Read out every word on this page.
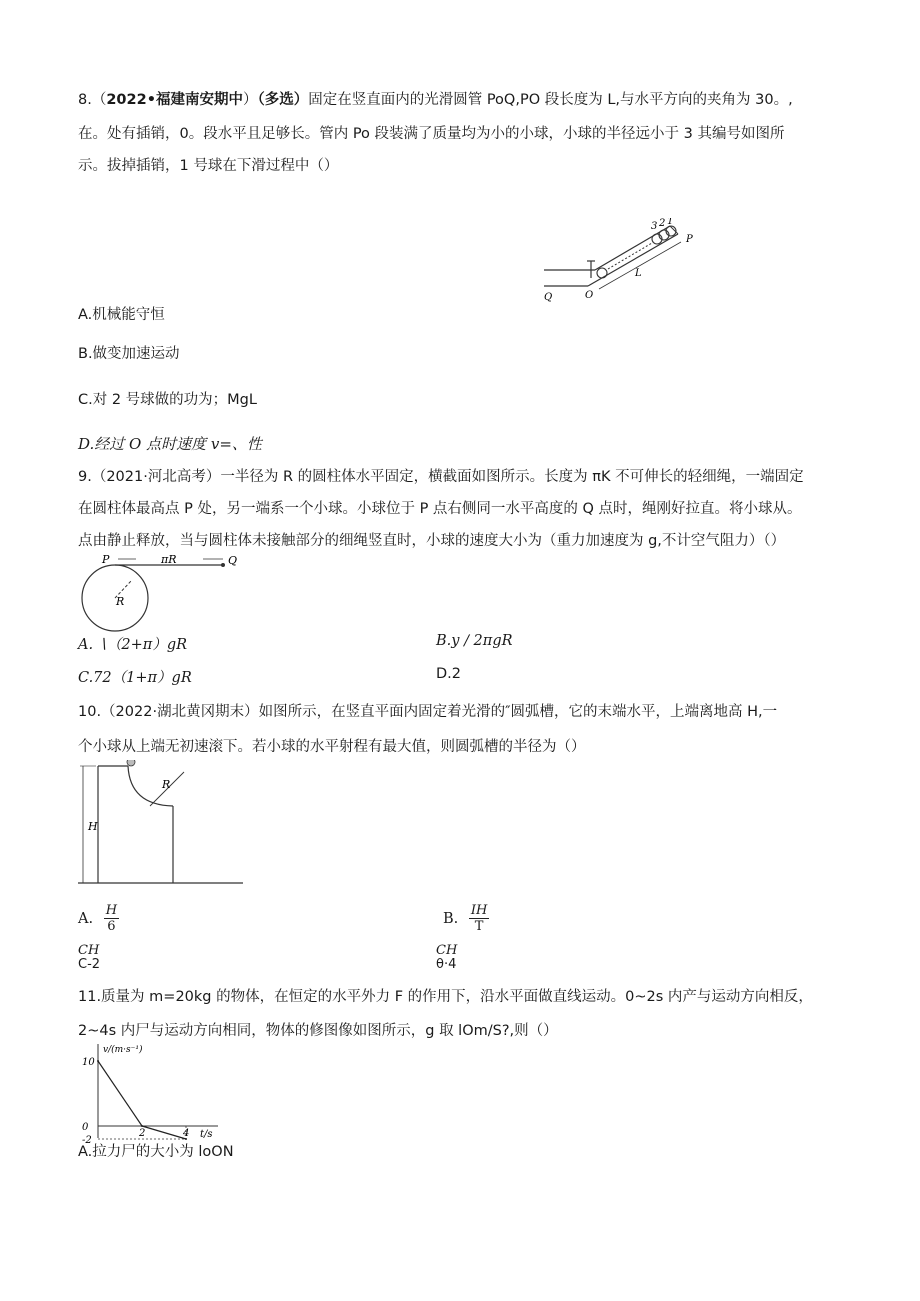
8.（2022•福建南安期中）（多选）固定在竖直面内的光滑圆管 PoQ,PO 段长度为 L,与水平方向的夹角为 30。,
在。处有插销，0。段水平且足够长。管内 Po 段装满了质量均为小的小球，小球的半径远小于 3 其编号如图所
示。拔掉插销，1 号球在下滑过程中（）
3 2 1
P
L
Q	O
A.机械能守恒
B.做变加速运动
C.对 2 号球做的功为；MgL
D.经过 O 点时速度 v=、性
9.（2021·河北高考）一半径为 R 的圆柱体水平固定，横截面如图所示。长度为 πK 不可伸长的轻细绳，一端固定
在圆柱体最高点 P 处，另一端系一个小球。小球位于 P 点右侧同一水平高度的 Q 点时，绳刚好拉直。将小球从。
点由静止释放，当与圆柱体未接触部分的细绳竖直时，小球的速度大小为（重力加速度为 g,不计空气阻力）（）
P	πR	Q
R
A. ∖（2+π）gR	B.y ∕ 2πgR
C.72（1+π）gR	D.2
10.（2022·湖北黄冈期末）如图所示，在竖直平面内固定着光滑的″圆弧槽，它的末端水平，上端离地高 H,一
个小球从上端无初速滚下。若小球的水平射程有最大值，则圆弧槽的半径为（）
H
R
A. $\frac{H}{6}$	B. $\frac{IH}{T}$
CH
C-2
CH
θ·4
11.质量为 m=20kg 的物体，在恒定的水平外力 F 的作用下，沿水平面做直线运动。0~2s 内产与运动方向相反，
2~4s 内尸与运动方向相同，物体的修图像如图所示，g 取 lOm/S?,则（）
v/(m·s⁻¹)
t/s
10
0
-2
2	4
A.拉力尸的大小为 loON
